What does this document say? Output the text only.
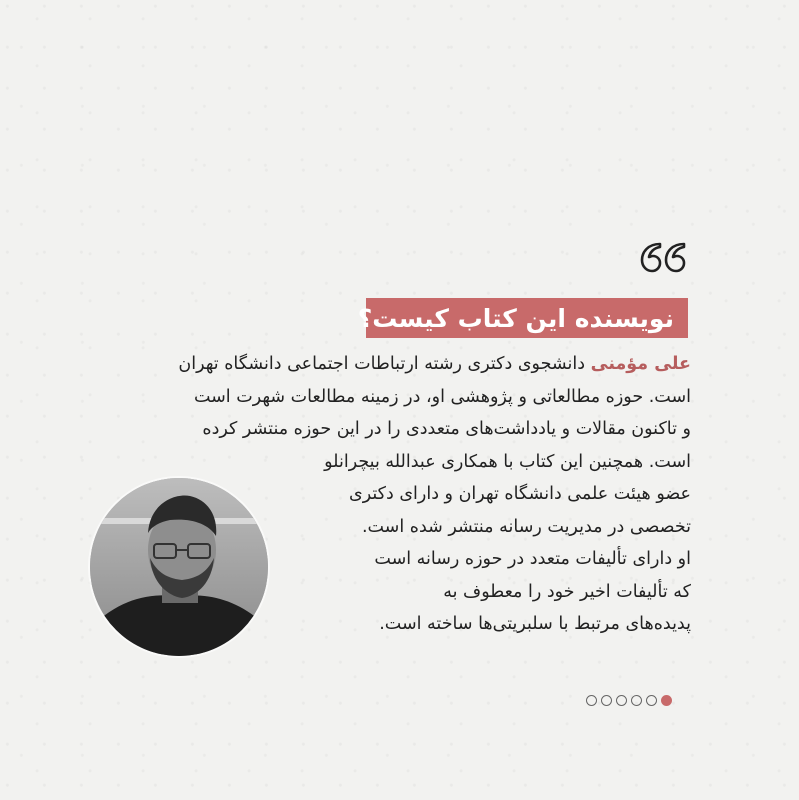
نویسنده این کتاب کیست؟
علی مؤمنی دانشجوی دکتری رشته ارتباطات اجتماعی دانشگاه تهران
است. حوزه مطالعاتی و پژوهشی او، در زمینه مطالعات شهرت است
و تاکنون مقالات و یادداشت‌های متعددی را در این حوزه منتشر کرده
است. همچنین این کتاب با همکاری عبدالله بیچرانلو
عضو هیئت علمی دانشگاه تهران و دارای دکتری
تخصصی در مدیریت رسانه منتشر شده است.
او دارای تألیفات متعدد در حوزه رسانه است
که تألیفات اخیر خود را معطوف به
پدیده‌های مرتبط با سلبریتی‌ها ساخته است.
